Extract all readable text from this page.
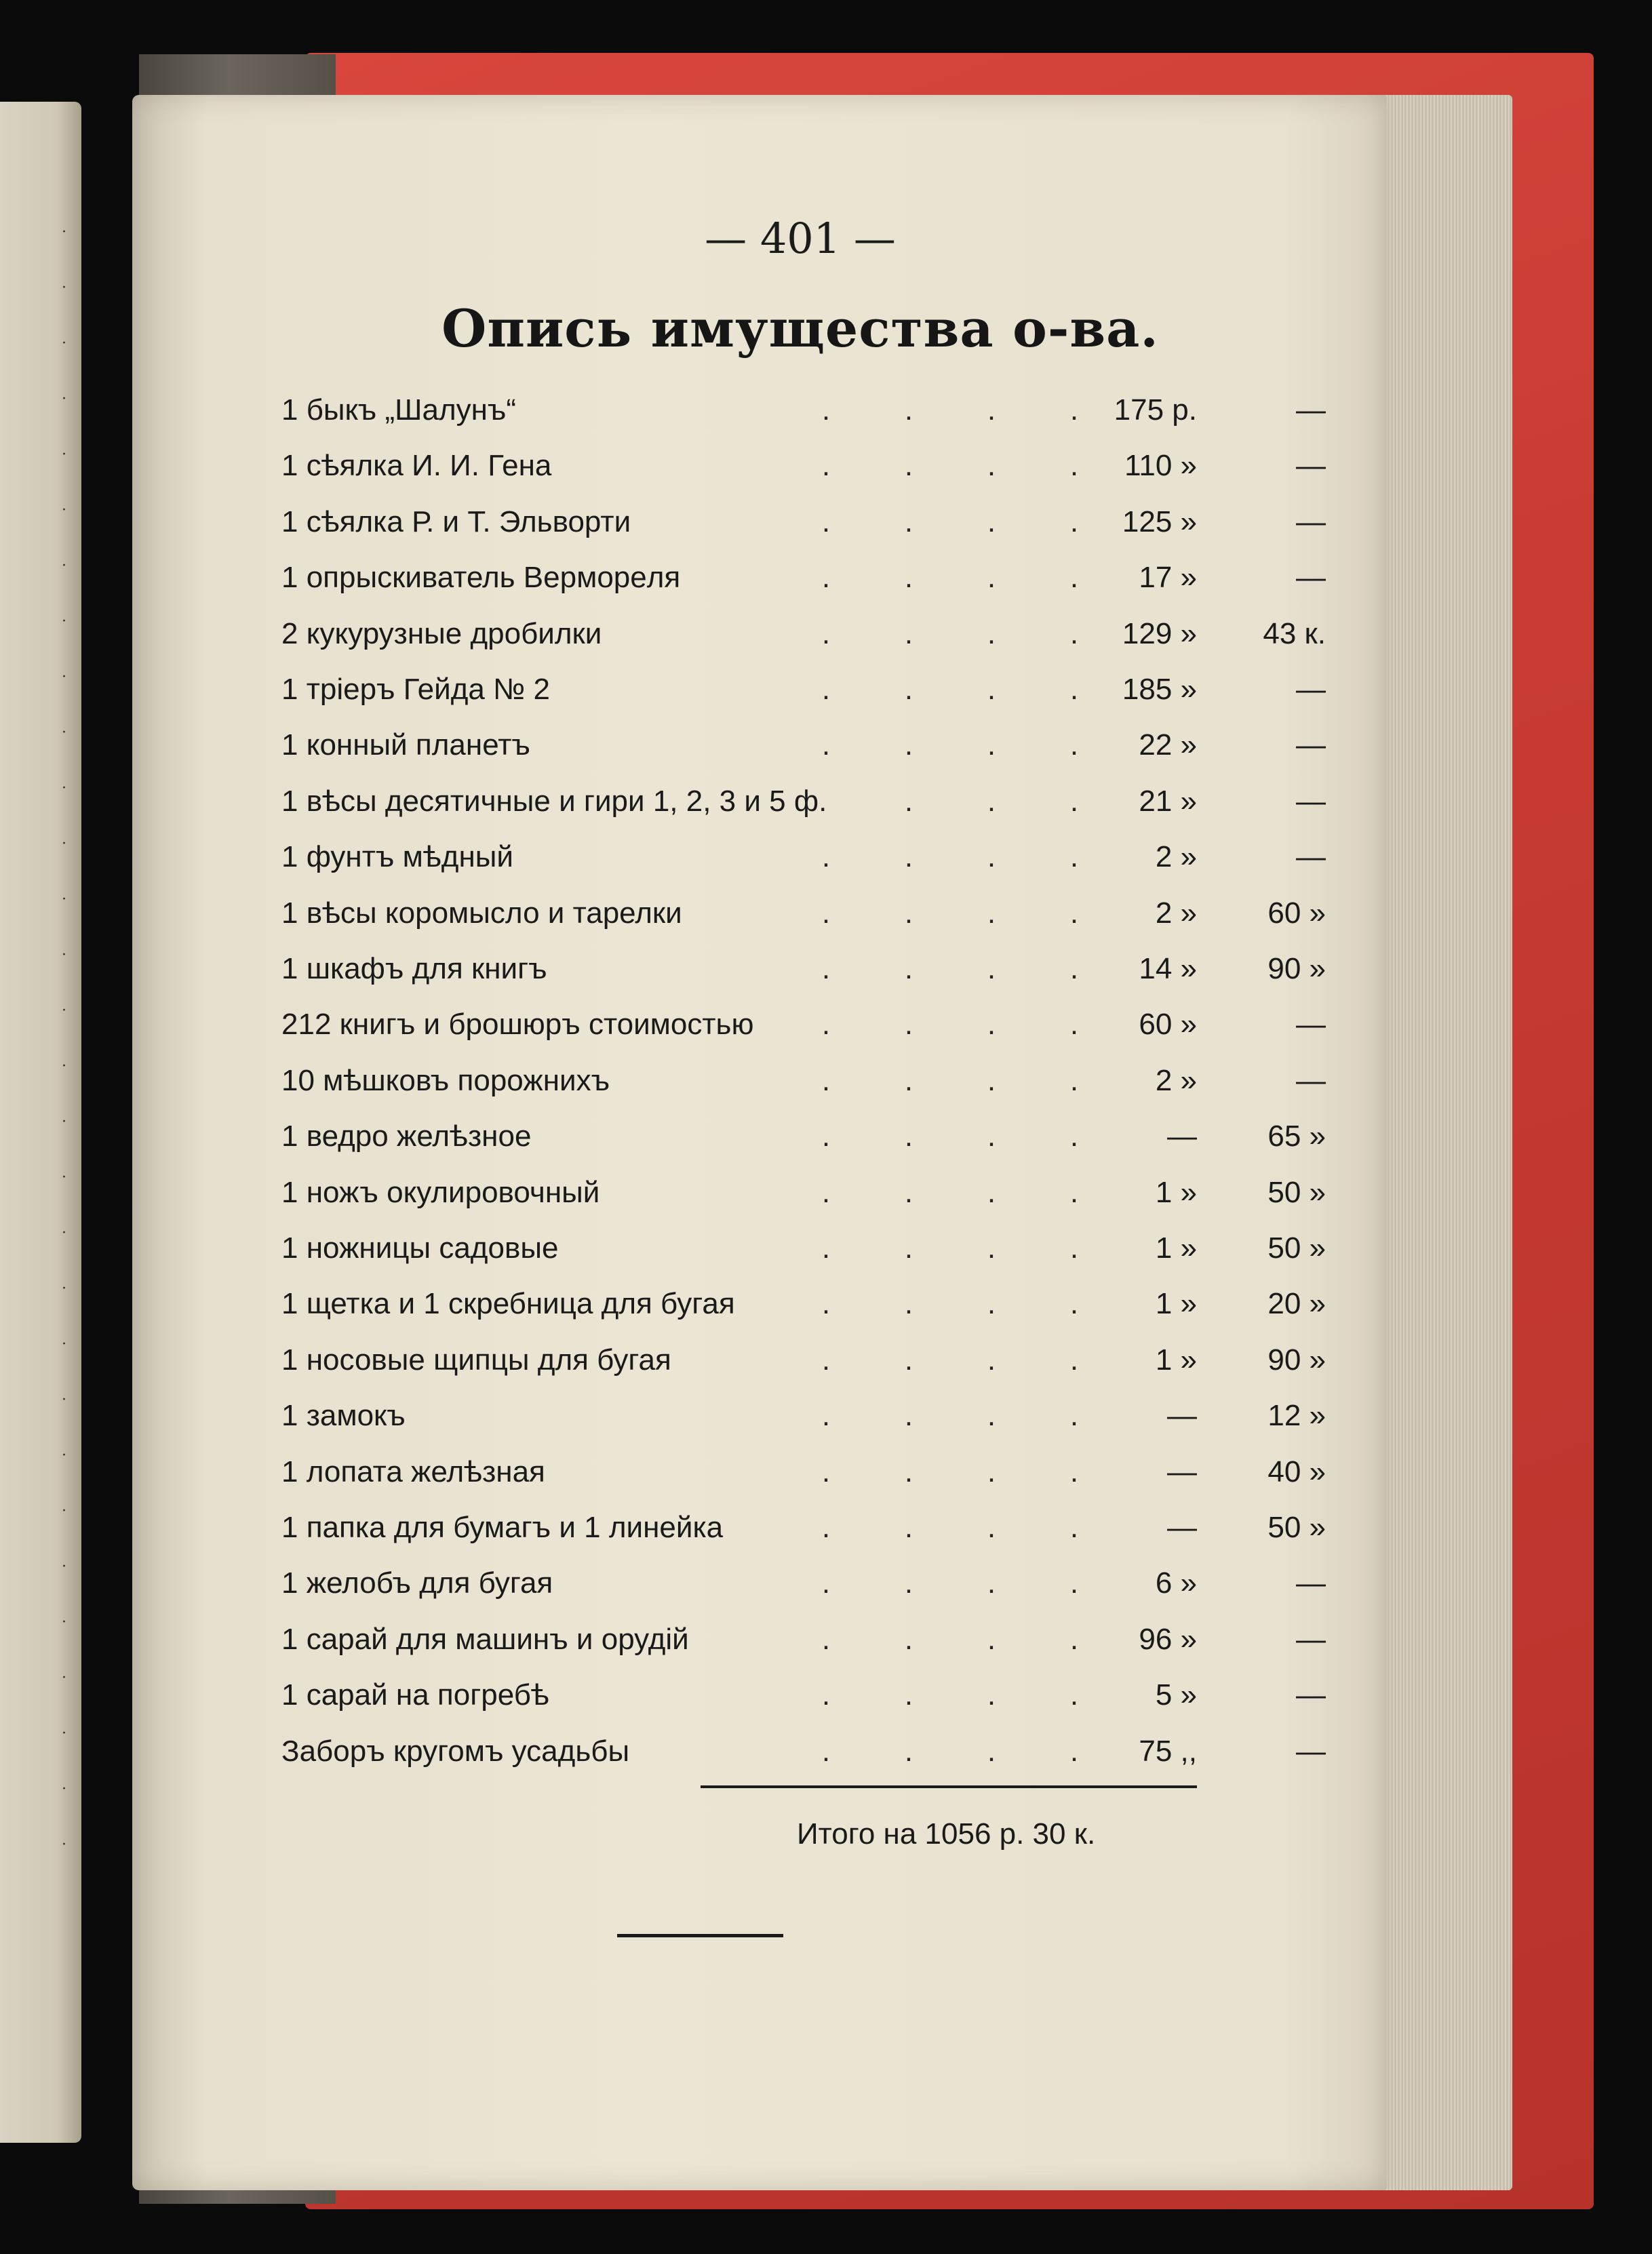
·
·
·
·
·
·
·
·
·
·
·
·
·
·
·
·
·
·
·
·
·
·
·
·
·
·
·
·
·
·
— 401 —
Опись имущества о-ва.
1 быкъ „Шалунъ“	175 р.	—
. . . .
1 сѣялка И. И. Гена	110 »	—
. . . .
1 сѣялка Р. и Т. Эльворти	125 »	—
. . . .
1 опрыскиватель Верморeля	17 »	—
. . . .
2 кукурузные дробилки	129 »	43 к.
. . . .
1 трiеръ Гейда № 2	185 »	—
. . . .
1 конный планетъ	22 »	—
. . . .
1 вѣсы десятичные и гири 1, 2, 3 и 5 ф.	21 »	—
. . .
1 фунтъ мѣдный	2 »	—
. . . .
1 вѣсы коромысло и тарелки	2 »	60 »
. . . .
1 шкафъ для книгъ	14 »	90 »
. . . .
212 книгъ и брошюръ стоимостью	60 »	—
. . . .
10 мѣшковъ порожнихъ	2 »	—
. . . .
1 ведро желѣзное	—	65 »
. . . .
1 ножъ окулировочный	1 »	50 »
. . . .
1 ножницы садовые	1 »	50 »
. . . .
1 щетка и 1 скребница для бугая	1 »	20 »
. . . .
1 носовые щипцы для бугая	1 »	90 »
. . . .
1 замокъ	—	12 »
. . . .
1 лопата желѣзная	—	40 »
. . . .
1 папка для бумагъ и 1 линейка	—	50 »
. . . .
1 желобъ для бугая	6 »	—
. . . .
1 сарай для машинъ и орудiй	96 »	—
. . . .
1 сарай на погребѣ	5 »	—
. . . .
Заборъ кругомъ усадьбы	75 ,,	—
. . . .
Итого на 1056 р. 30 к.
